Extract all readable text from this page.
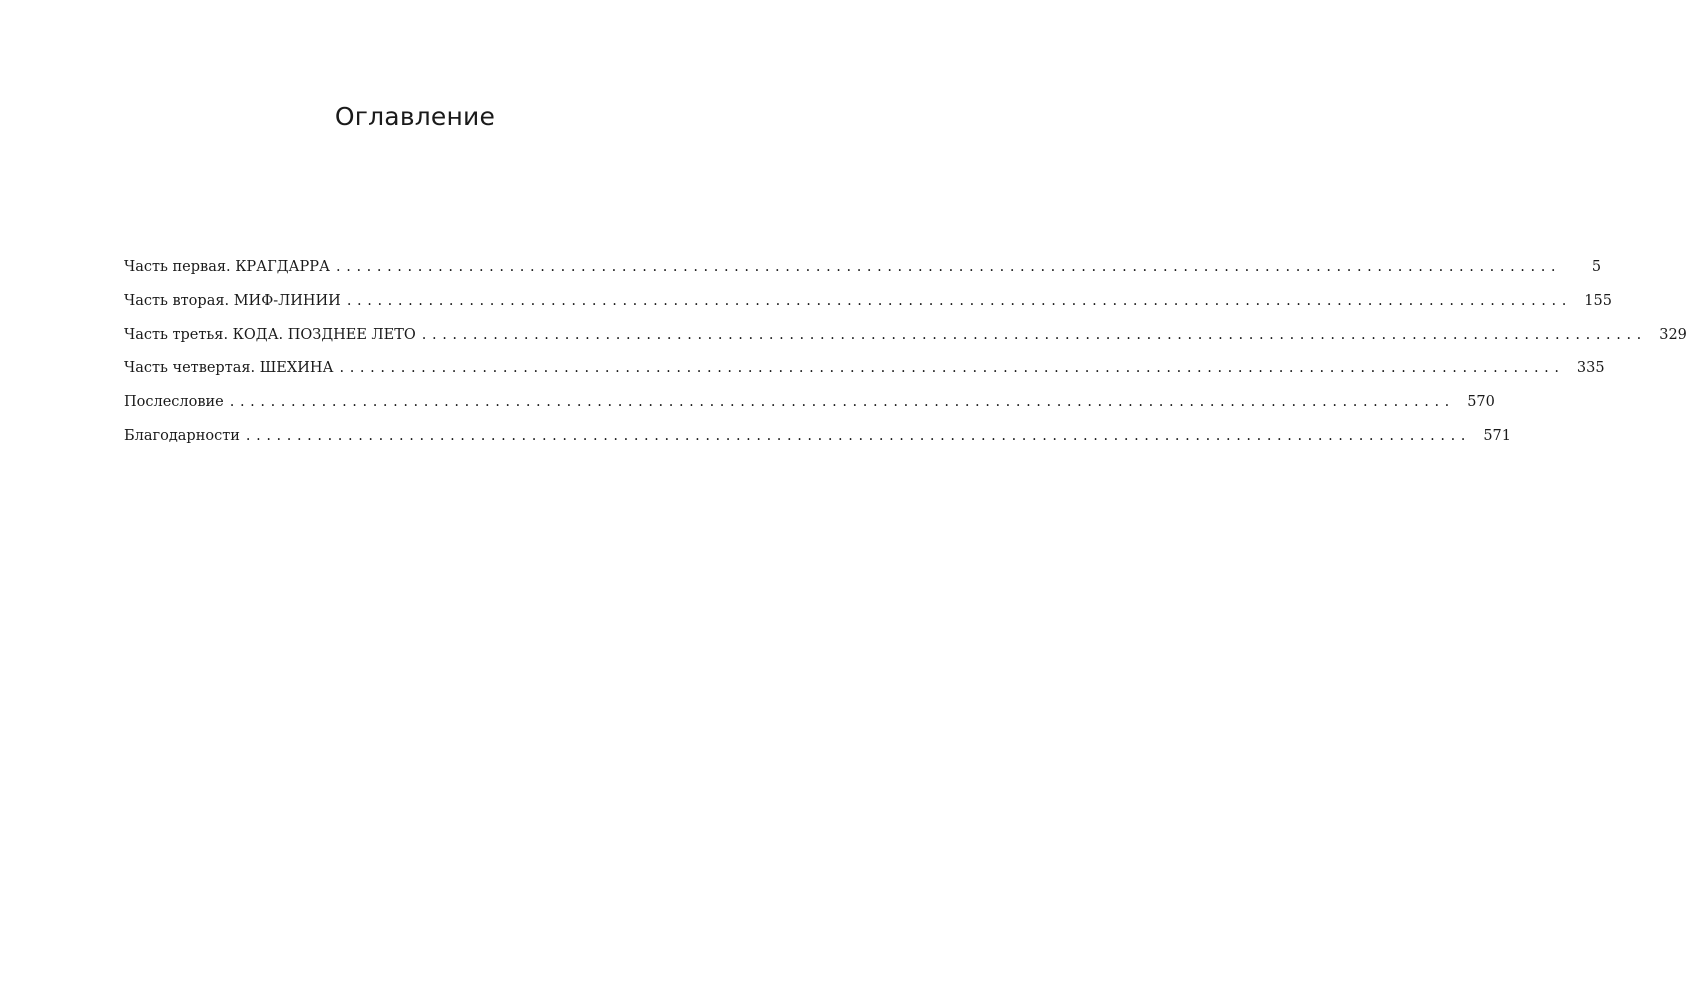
Оглавление
Часть первая. КРАГДАРРА ........................................................................................................................	5
Часть вторая. МИФ-ЛИНИИ ........................................................................................................................ 155
Часть третья. КОДА. ПОЗДНЕЕ ЛЕТО ........................................................................................................................ 329
Часть четвертая. ШЕХИНА ........................................................................................................................ 335
Послесловие ........................................................................................................................ 570
Благодарности ........................................................................................................................ 571
